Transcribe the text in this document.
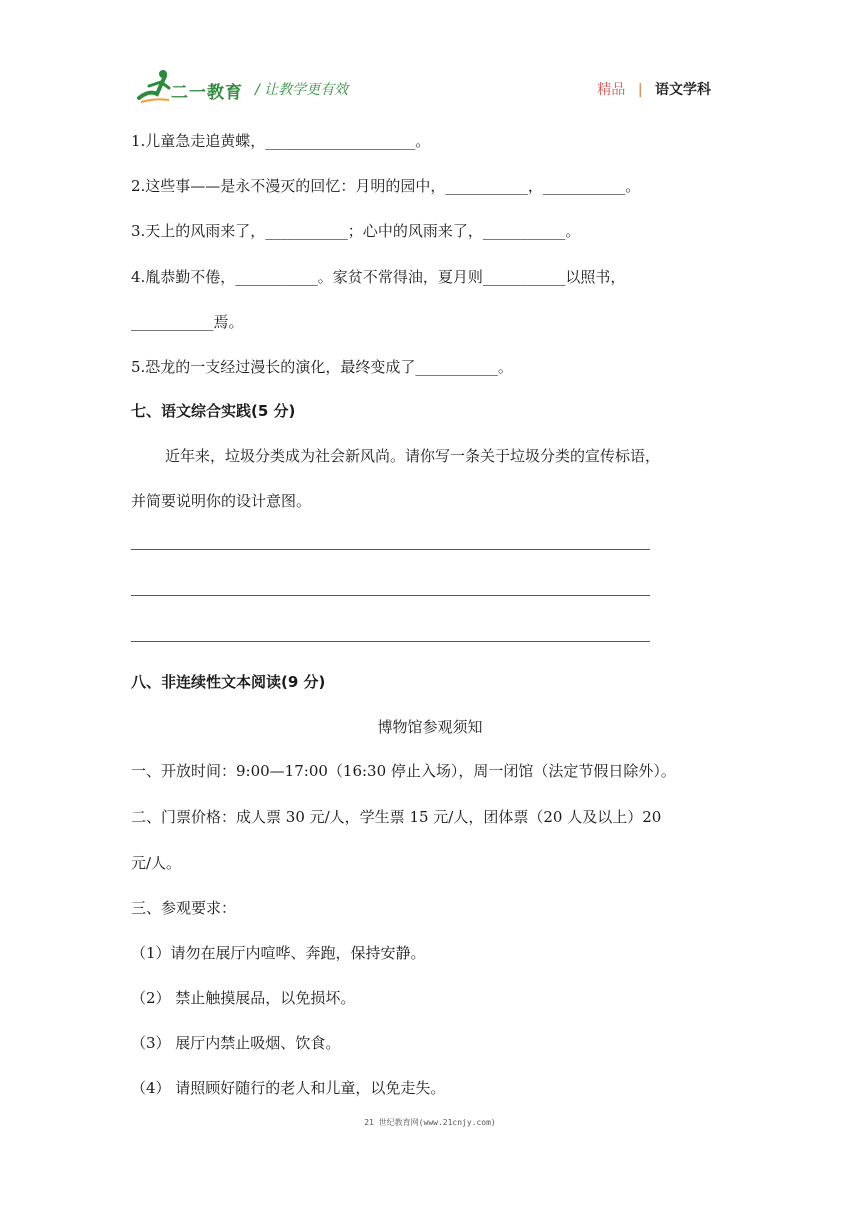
二一教育 / 让教学更有效	精品 | 语文学科
1.儿童急走追黄蝶，____________________。
2.这些事——是永不漫灭的回忆：月明的园中，___________，___________。
3.天上的风雨来了，___________；心中的风雨来了，___________。
4.胤恭勤不倦，___________。家贫不常得油，夏月则___________以照书，
___________焉。
5.恐龙的一支经过漫长的演化，最终变成了___________。
七、语文综合实践(5 分)
近年来，垃圾分类成为社会新风尚。请你写一条关于垃圾分类的宣传标语，
并简要说明你的设计意图。
八、非连续性文本阅读(9 分)
博物馆参观须知
一、开放时间：9:00—17:00（16:30 停止入场），周一闭馆（法定节假日除外）。
二、门票价格：成人票 30 元/人，学生票 15 元/人，团体票（20 人及以上）20
元/人。
三、参观要求：
（1）请勿在展厅内喧哗、奔跑，保持安静。
（2） 禁止触摸展品，以免损坏。
（3） 展厅内禁止吸烟、饮食。
（4） 请照顾好随行的老人和儿童，以免走失。
21 世纪教育网(www.21cnjy.com)
